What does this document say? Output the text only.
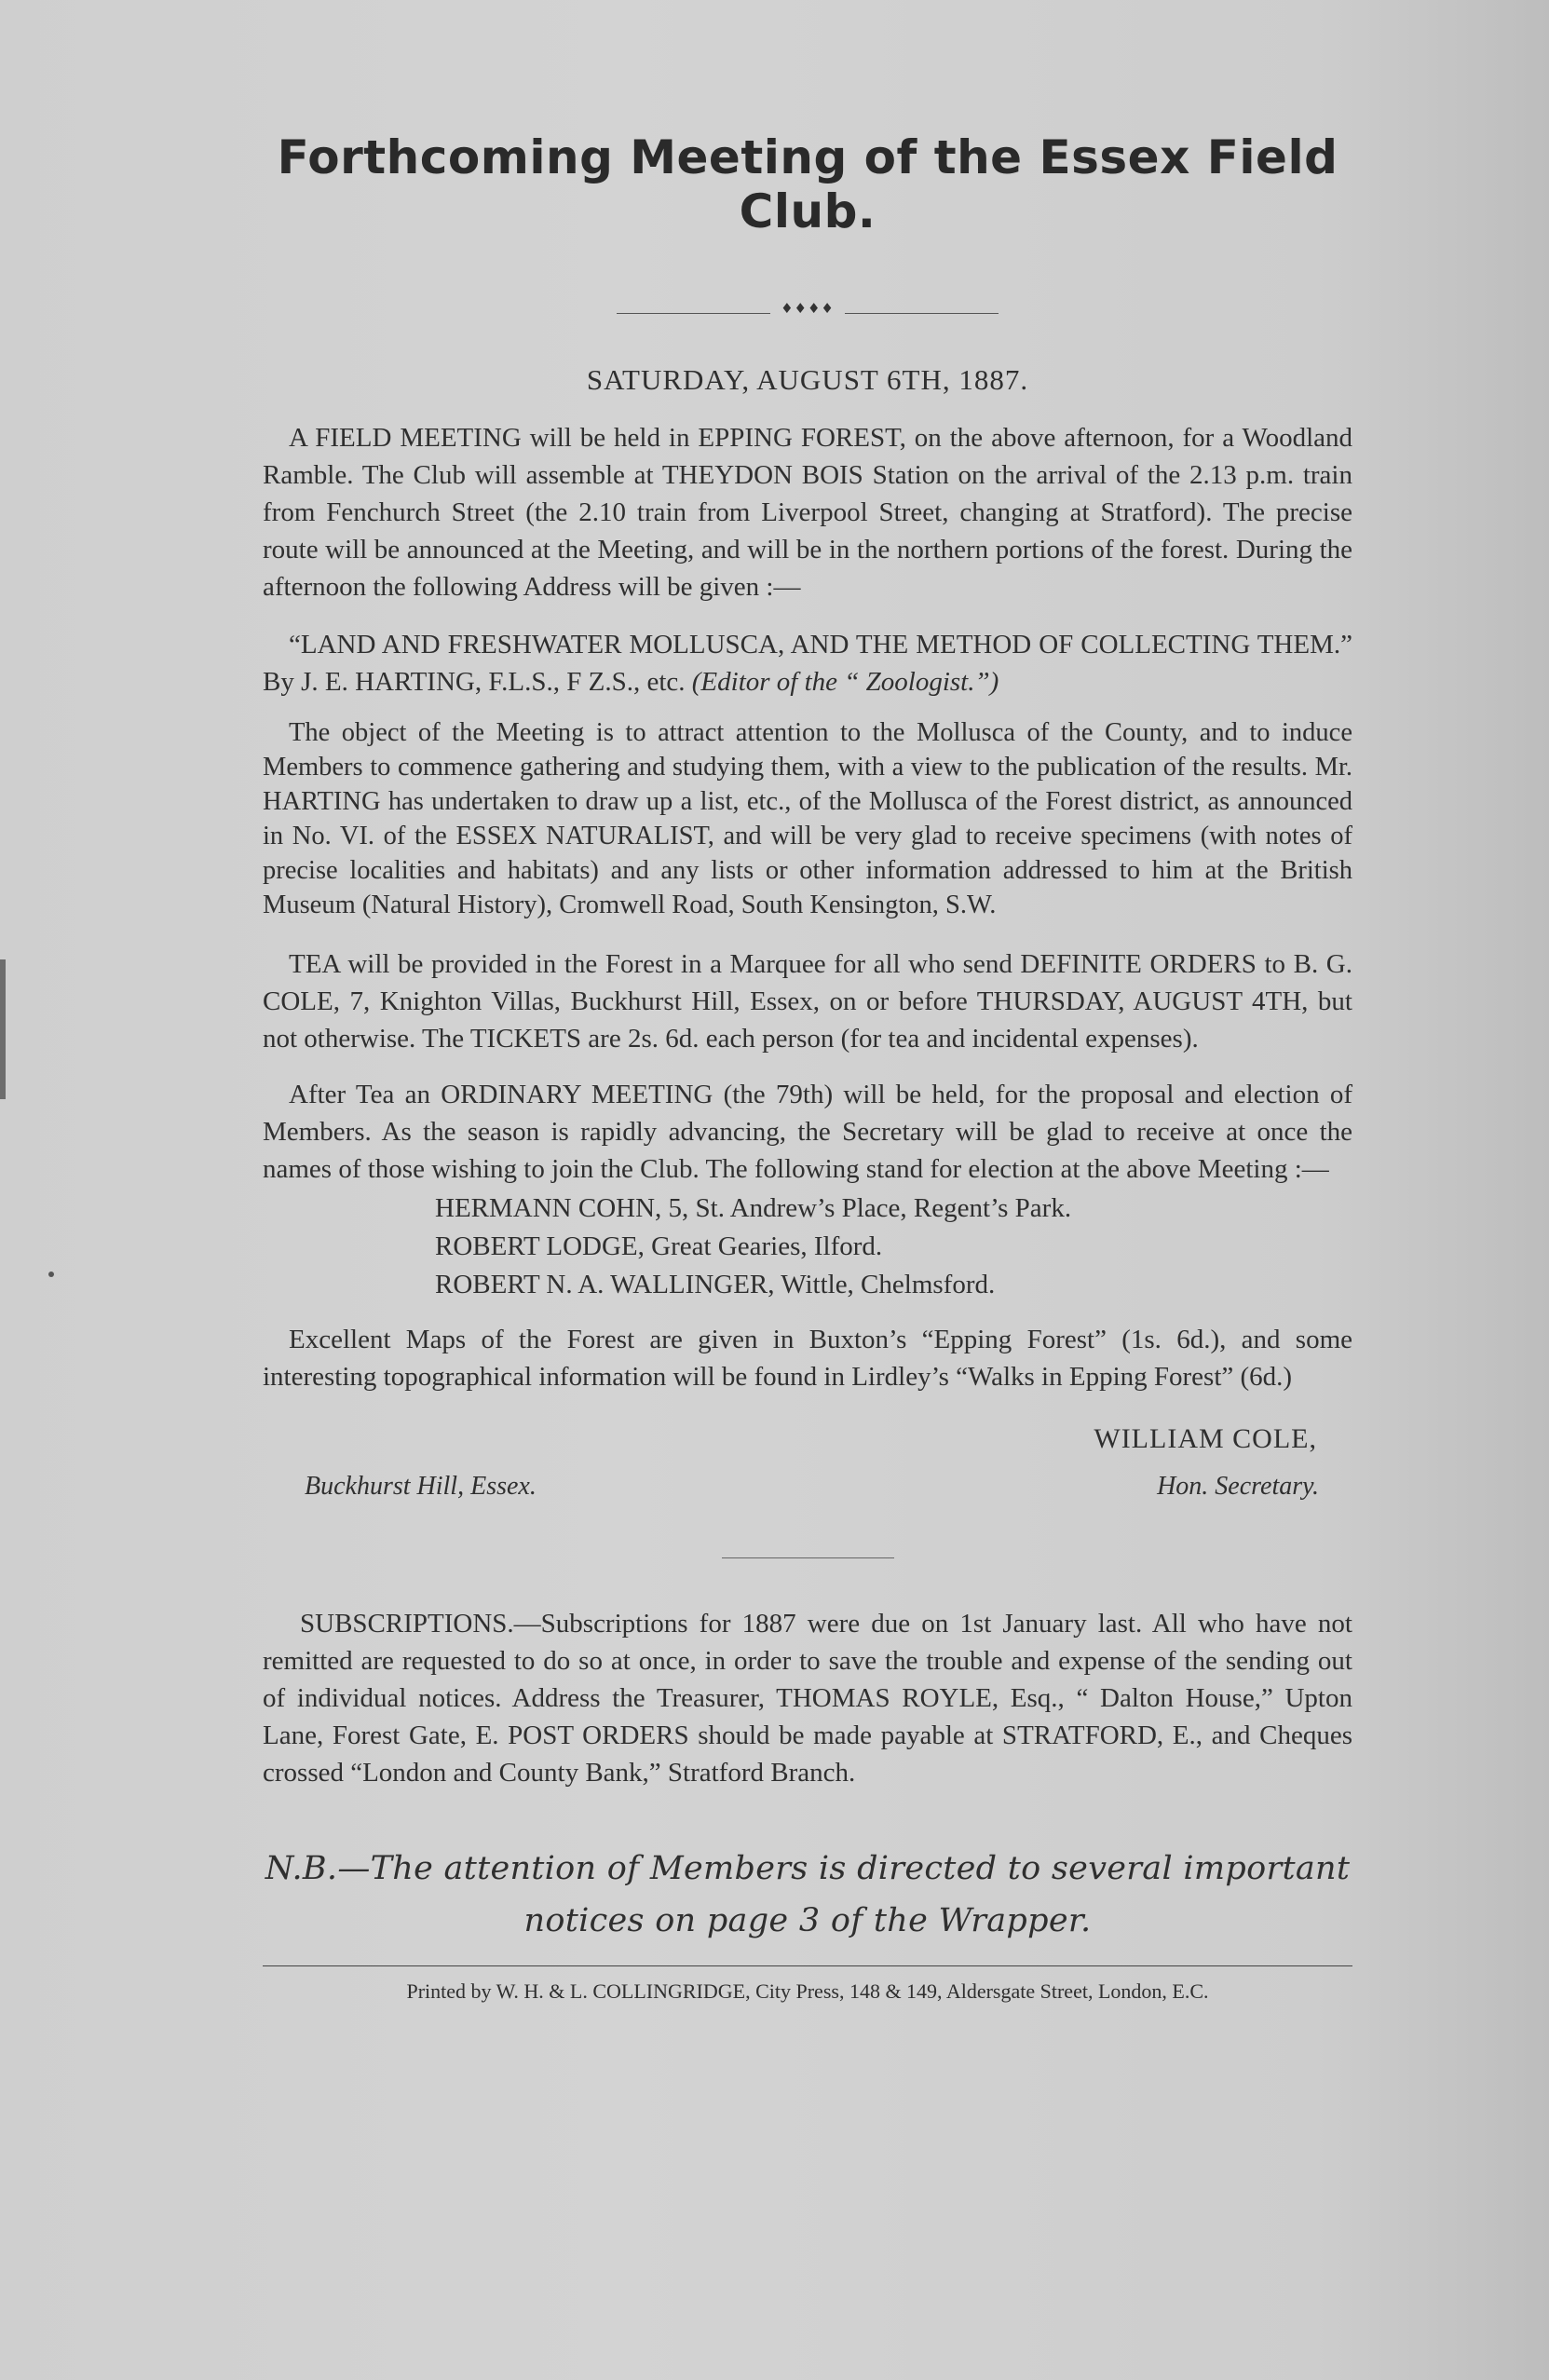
Forthcoming Meeting of the Essex Field Club.
♦♦♦♦
SATURDAY, AUGUST 6TH, 1887.

A FIELD MEETING will be held in EPPING FOREST, on the above afternoon, for a Woodland Ramble. The Club will assemble at THEYDON BOIS Station on the arrival of the 2.13 p.m. train from Fenchurch Street (the 2.10 train from Liverpool Street, changing at Stratford). The precise route will be announced at the Meeting, and will be in the northern portions of the forest. During the afternoon the following Address will be given :—

“LAND AND FRESHWATER MOLLUSCA, AND THE METHOD OF COLLECTING THEM.” By J. E. HARTING, F.L.S., F Z.S., etc. (Editor of the “ Zoologist.”)

The object of the Meeting is to attract attention to the Mollusca of the County, and to induce Members to commence gathering and studying them, with a view to the publication of the results. Mr. HARTING has undertaken to draw up a list, etc., of the Mollusca of the Forest district, as announced in No. VI. of the ESSEX NATURALIST, and will be very glad to receive specimens (with notes of precise localities and habitats) and any lists or other information addressed to him at the British Museum (Natural History), Cromwell Road, South Kensington, S.W.

TEA will be provided in the Forest in a Marquee for all who send DEFINITE ORDERS to B. G. COLE, 7, Knighton Villas, Buckhurst Hill, Essex, on or before THURSDAY, AUGUST 4TH, but not otherwise. The TICKETS are 2s. 6d. each person (for tea and incidental expenses).

After Tea an ORDINARY MEETING (the 79th) will be held, for the proposal and election of Members. As the season is rapidly advancing, the Secretary will be glad to receive at once the names of those wishing to join the Club. The following stand for election at the above Meeting :—

HERMANN COHN, 5, St. Andrew’s Place, Regent’s Park.
ROBERT LODGE, Great Gearies, Ilford.
ROBERT N. A. WALLINGER, Wittle, Chelmsford.

Excellent Maps of the Forest are given in Buxton’s “Epping Forest” (1s. 6d.), and some interesting topographical information will be found in Lirdley’s “Walks in Epping Forest” (6d.)

WILLIAM COLE,
Buckhurst Hill, Essex.	Hon. Secretary.

SUBSCRIPTIONS.—Subscriptions for 1887 were due on 1st January last. All who have not remitted are requested to do so at once, in order to save the trouble and expense of the sending out of individual notices. Address the Treasurer, THOMAS ROYLE, Esq., “ Dalton House,” Upton Lane, Forest Gate, E. POST ORDERS should be made payable at STRATFORD, E., and Cheques crossed “London and County Bank,” Stratford Branch.

N.B.—The attention of Members is directed to several important
notices on page 3 of the Wrapper.
Printed by W. H. & L. COLLINGRIDGE, City Press, 148 & 149, Aldersgate Street, London, E.C.
